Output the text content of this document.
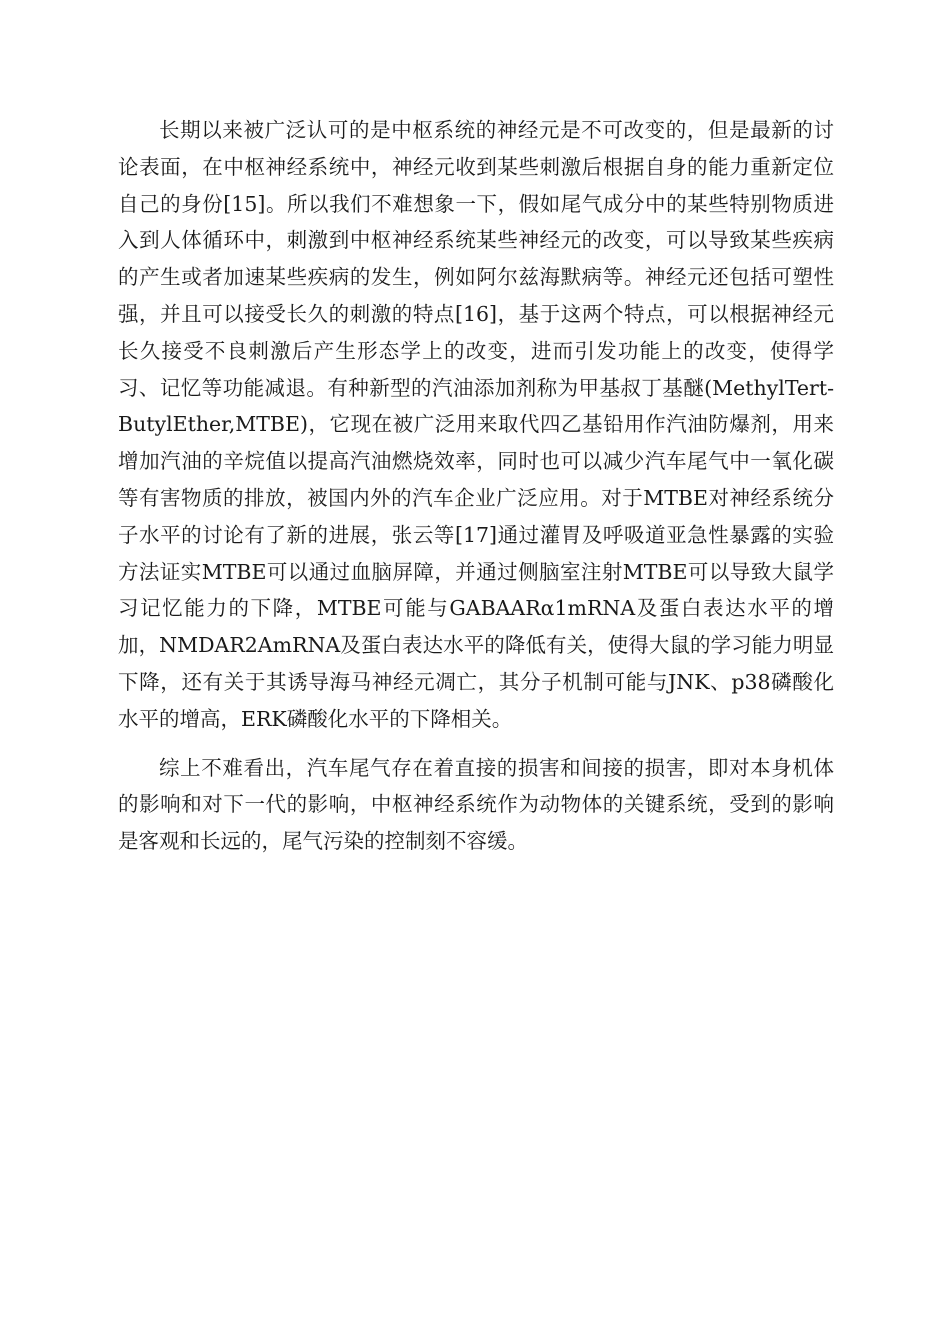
长期以来被广泛认可的是中枢系统的神经元是不可改变的，但是最新的讨论表面，在中枢神经系统中，神经元收到某些刺激后根据自身的能力重新定位自己的身份[15]。所以我们不难想象一下，假如尾气成分中的某些特别物质进入到人体循环中，刺激到中枢神经系统某些神经元的改变，可以导致某些疾病的产生或者加速某些疾病的发生，例如阿尔兹海默病等。神经元还包括可塑性强，并且可以接受长久的刺激的特点[16]，基于这两个特点，可以根据神经元长久接受不良刺激后产生形态学上的改变，进而引发功能上的改变，使得学习、记忆等功能减退。有种新型的汽油添加剂称为甲基叔丁基醚(MethylTert-ButylEther,MTBE)，它现在被广泛用来取代四乙基铅用作汽油防爆剂，用来增加汽油的辛烷值以提高汽油燃烧效率，同时也可以减少汽车尾气中一氧化碳等有害物质的排放，被国内外的汽车企业广泛应用。对于MTBE对神经系统分子水平的讨论有了新的进展，张云等[17]通过灌胃及呼吸道亚急性暴露的实验方法证实MTBE可以通过血脑屏障，并通过侧脑室注射MTBE可以导致大鼠学习记忆能力的下降，MTBE可能与GABAARα1mRNA及蛋白表达水平的增加，NMDAR2AmRNA及蛋白表达水平的降低有关，使得大鼠的学习能力明显下降，还有关于其诱导海马神经元凋亡，其分子机制可能与JNK、p38磷酸化水平的增高，ERK磷酸化水平的下降相关。

综上不难看出，汽车尾气存在着直接的损害和间接的损害，即对本身机体的影响和对下一代的影响，中枢神经系统作为动物体的关键系统，受到的影响是客观和长远的，尾气污染的控制刻不容缓。
